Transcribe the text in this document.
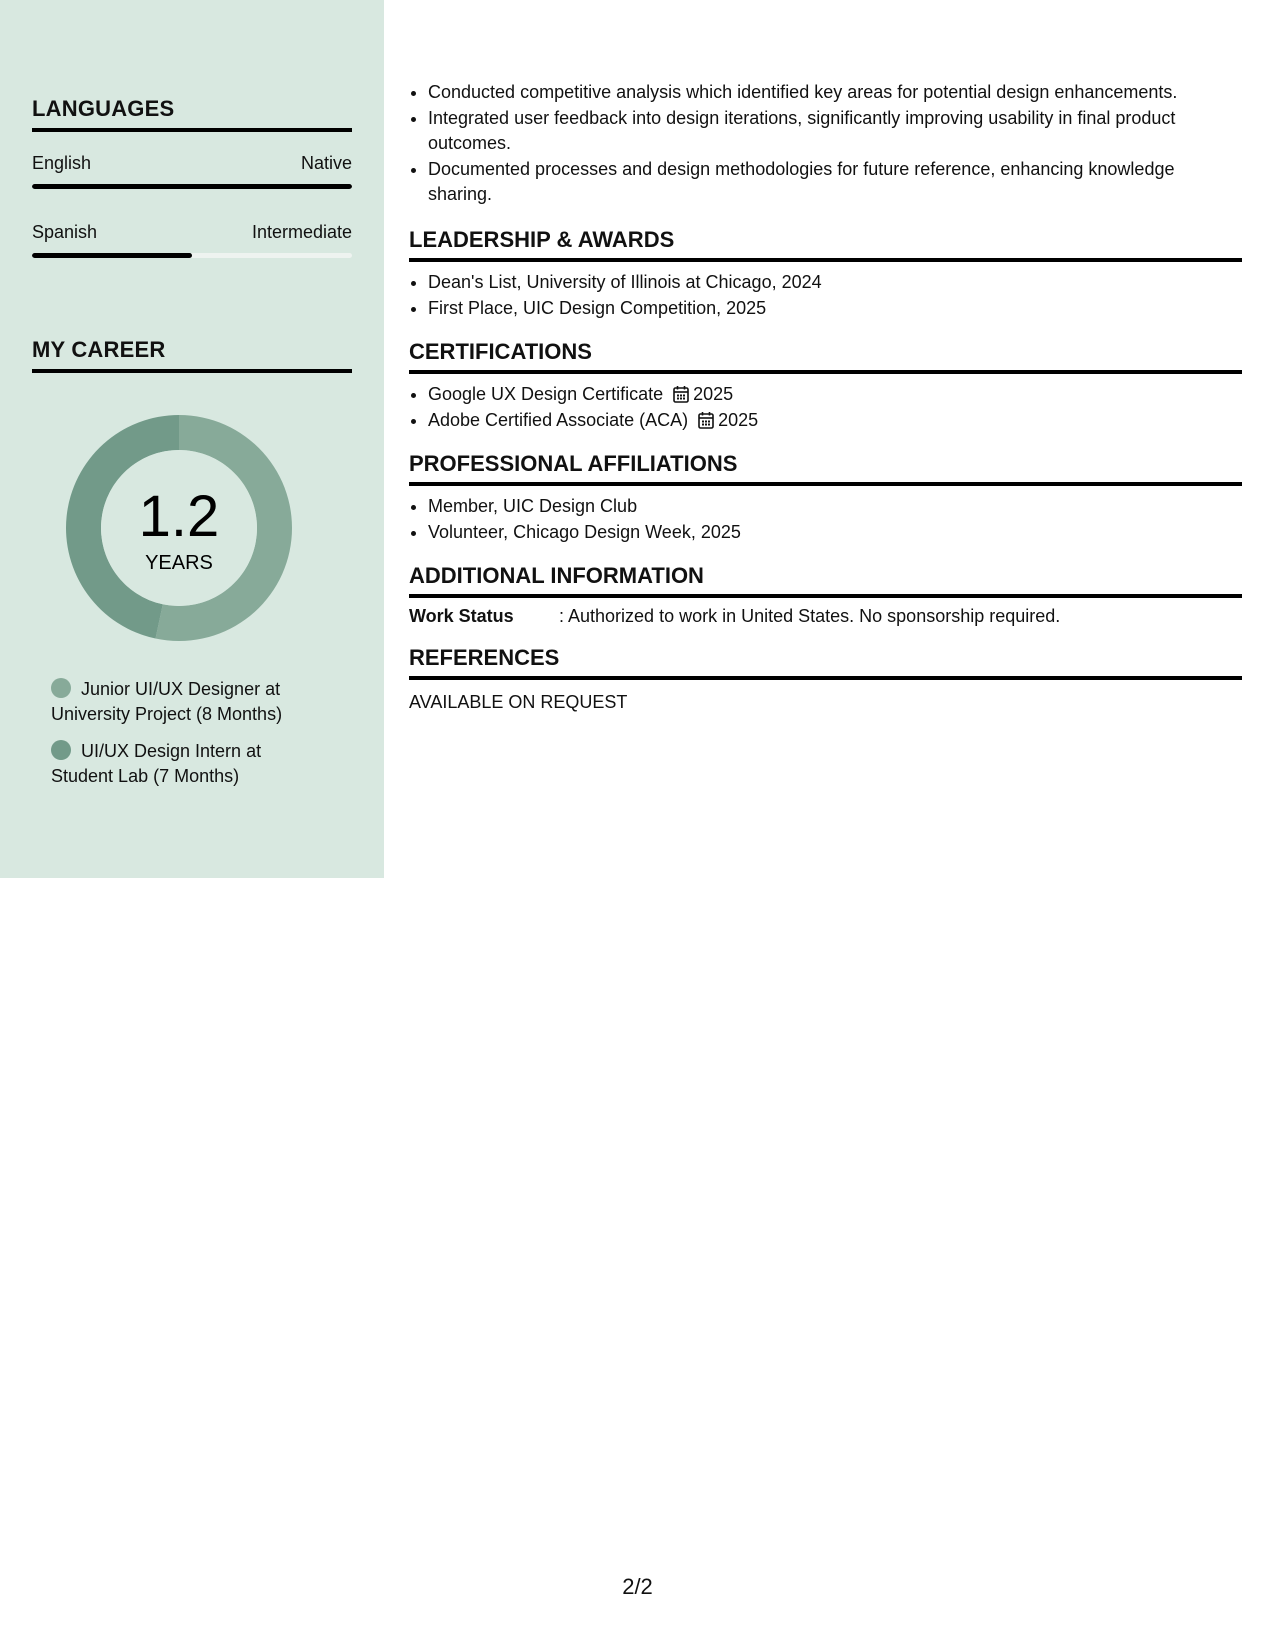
LANGUAGES
English	Native
Spanish	Intermediate
MY CAREER
1.2
YEARS
Junior UI/UX Designer at University Project (8 Months)
UI/UX Design Intern at Student Lab (7 Months)
• Conducted competitive analysis which identified key areas for potential design enhancements.
• Integrated user feedback into design iterations, significantly improving usability in final product outcomes.
• Documented processes and design methodologies for future reference, enhancing knowledge sharing.
LEADERSHIP & AWARDS
• Dean's List, University of Illinois at Chicago, 2024
• First Place, UIC Design Competition, 2025
CERTIFICATIONS
• Google UX Design Certificate 2025
• Adobe Certified Associate (ACA) 2025
PROFESSIONAL AFFILIATIONS
• Member, UIC Design Club
• Volunteer, Chicago Design Week, 2025
ADDITIONAL INFORMATION
Work Status	: Authorized to work in United States. No sponsorship required.
REFERENCES
AVAILABLE ON REQUEST
2/2
